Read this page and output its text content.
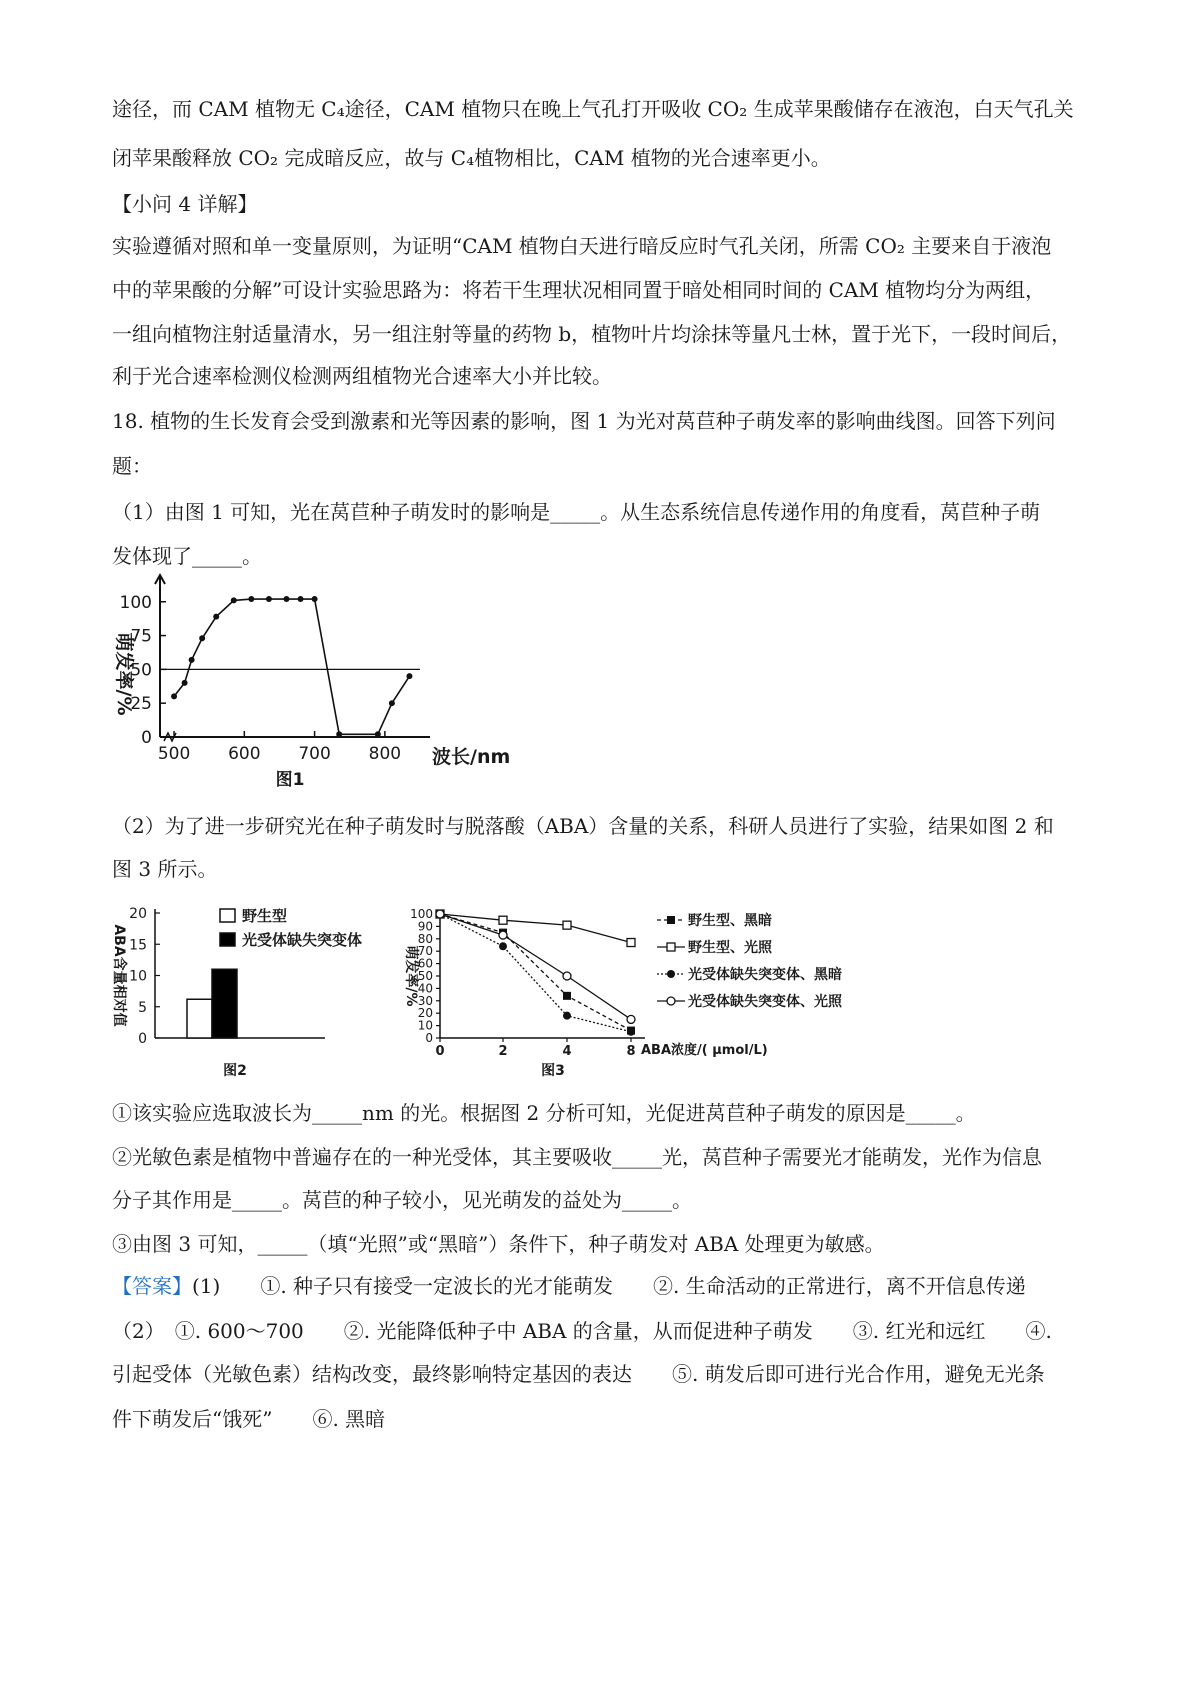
途径，而 CAM 植物无 C₄途径，CAM 植物只在晚上气孔打开吸收 CO₂ 生成苹果酸储存在液泡，白天气孔关
闭苹果酸释放 CO₂ 完成暗反应，故与 C₄植物相比，CAM 植物的光合速率更小。
【小问 4 详解】
实验遵循对照和单一变量原则，为证明“CAM 植物白天进行暗反应时气孔关闭，所需 CO₂ 主要来自于液泡
中的苹果酸的分解”可设计实验思路为：将若干生理状况相同置于暗处相同时间的 CAM 植物均分为两组，
一组向植物注射适量清水，另一组注射等量的药物 b，植物叶片均涂抹等量凡士林，置于光下，一段时间后，
利于光合速率检测仪检测两组植物光合速率大小并比较。
18. 植物的生长发育会受到激素和光等因素的影响，图 1 为光对莴苣种子萌发率的影响曲线图。回答下列问
题：
（1）由图 1 可知，光在莴苣种子萌发时的影响是_____。从生态系统信息传递作用的角度看，莴苣种子萌
发体现了_____。
0
25
50
75
100
500 600 700 800 波长/nm
萌发率/%
图1
（2）为了进一步研究光在种子萌发时与脱落酸（ABA）含量的关系，科研人员进行了实验，结果如图 2 和
图 3 所示。
0
5
10
15
20	野生型
光受体缺失突变体
ABA含量相对值
图2
0
10
20
30
40
50
60
70
80
90
100
0	2	4	8
野生型、黑暗
野生型、光照
光受体缺失突变体、黑暗
光受体缺失突变体、光照
ABA浓度/( μmol/L)
萌发率/%
图3
①该实验应选取波长为_____nm 的光。根据图 2 分析可知，光促进莴苣种子萌发的原因是_____。
②光敏色素是植物中普遍存在的一种光受体，其主要吸收_____光，莴苣种子需要光才能萌发，光作为信息
分子其作用是_____。莴苣的种子较小，见光萌发的益处为_____。
③由图 3 可知，_____（填“光照”或“黑暗”）条件下，种子萌发对 ABA 处理更为敏感。
【答案】(1)　　①. 种子只有接受一定波长的光才能萌发　　②. 生命活动的正常进行，离不开信息传递
（2）　①. 600～700　　②. 光能降低种子中 ABA 的含量，从而促进种子萌发　　③. 红光和远红　　④.
引起受体（光敏色素）结构改变，最终影响特定基因的表达　　⑤. 萌发后即可进行光合作用，避免无光条
件下萌发后“饿死”　　⑥. 黑暗
